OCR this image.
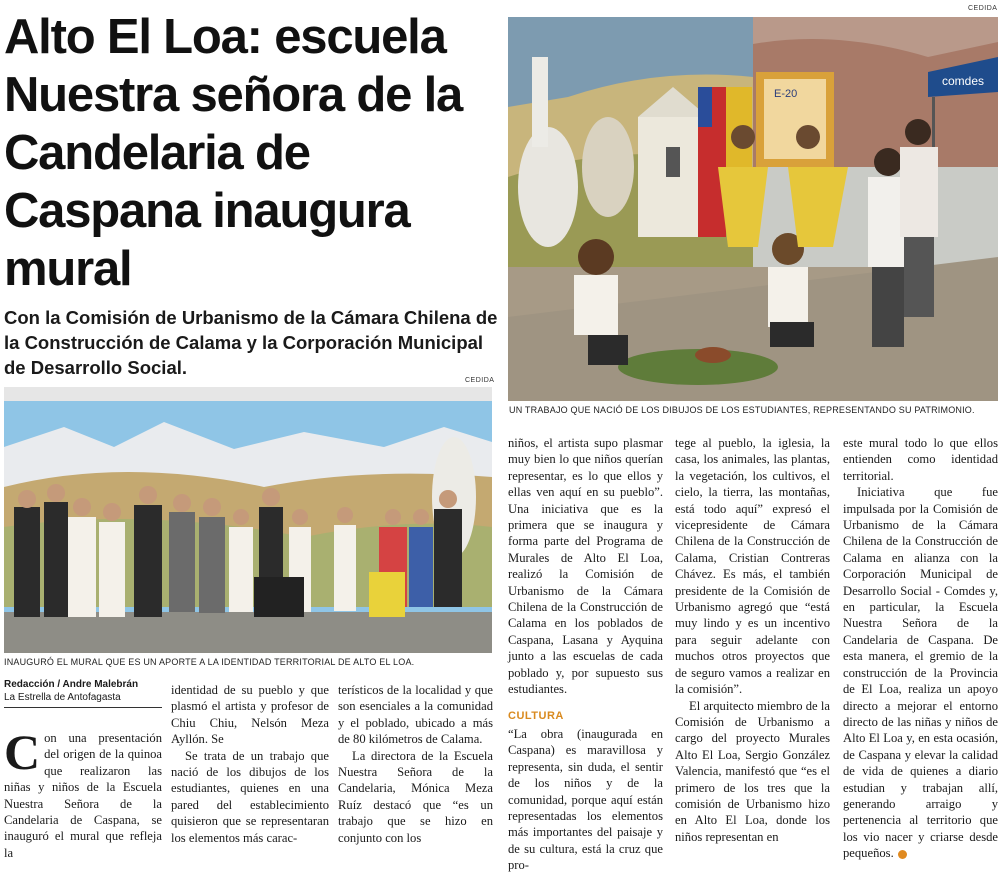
Alto El Loa: escuela Nuestra señora de la Candelaria de Caspana inaugura mural
Con la Comisión de Urbanismo de la Cámara Chilena de la Construcción de Calama y la Corporación Municipal de Desarrollo Social.
CEDIDA
E-20
comdes
UN TRABAJO QUE NACIÓ DE LOS DIBUJOS DE LOS ESTUDIANTES, REPRESENTANDO SU PATRIMONIO.
CEDIDA
INAUGURÓ EL MURAL QUE ES UN APORTE A LA IDENTIDAD TERRITORIAL DE ALTO EL LOA.
Redacción / Andre Malebrán
La Estrella de Antofagasta

Con una presentación del origen de la quinoa que realizaron las niñas y niños de la Escuela Nuestra Señora de la Candelaria de Caspana, se inauguró el mural que refleja la

identidad de su pueblo y que plasmó el artista y profesor de Chiu Chiu, Nelsón Meza Ayllón. Se

Se trata de un trabajo que nació de los dibujos de los estudiantes, quienes en una pared del establecimiento quisieron que se representaran los elementos más carac-

terísticos de la localidad y que son esenciales a la comunidad y el poblado, ubicado a más de 80 kilómetros de Calama.

La directora de la Escuela Nuestra Señora de la Candelaria, Mónica Meza Ruíz destacó que “es un trabajo que se hizo en conjunto con los

niños, el artista supo plasmar muy bien lo que niños querían representar, es lo que ellos y ellas ven aquí en su pueblo”. Una iniciativa que es la primera que se inaugura y forma parte del Programa de Murales de Alto El Loa, realizó la Comisión de Urbanismo de la Cámara Chilena de la Construcción de Calama en los poblados de Caspana, Lasana y Ayquina junto a las escuelas de cada poblado y, por supuesto sus estudiantes.

CULTURA

“La obra (inaugurada en Caspana) es maravillosa y representa, sin duda, el sentir de los niños y de la comunidad, porque aquí están representadas los elementos más importantes del paisaje y de su cultura, está la cruz que pro-

tege al pueblo, la iglesia, la casa, los animales, las plantas, la vegetación, los cultivos, el cielo, la tierra, las montañas, está todo aquí” expresó el vicepresidente de Cámara Chilena de la Construcción de Calama, Cristian Contreras Chávez. Es más, el también presidente de la Comisión de Urbanismo agregó que “está muy lindo y es un incentivo para seguir adelante con muchos otros proyectos que de seguro vamos a realizar en la comisión”.

El arquitecto miembro de la Comisión de Urbanismo a cargo del proyecto Murales Alto El Loa, Sergio González Valencia, manifestó que “es el primero de los tres que la comisión de Urbanismo hizo en Alto El Loa, donde los niños representan en

este mural todo lo que ellos entienden como identidad territorial.

Iniciativa que fue impulsada por la Comisión de Urbanismo de la Cámara Chilena de la Construcción de Calama en alianza con la Corporación Municipal de Desarrollo Social - Comdes y, en particular, la Escuela Nuestra Señora de la Candelaria de Caspana. De esta manera, el gremio de la construcción de la Provincia de El Loa, realiza un apoyo directo a mejorar el entorno directo de las niñas y niños de Alto El Loa y, en esta ocasión, de Caspana y elevar la calidad de vida de quienes a diario estudian y trabajan allí, generando arraigo y pertenencia al territorio que los vio nacer y criarse desde pequeños.
